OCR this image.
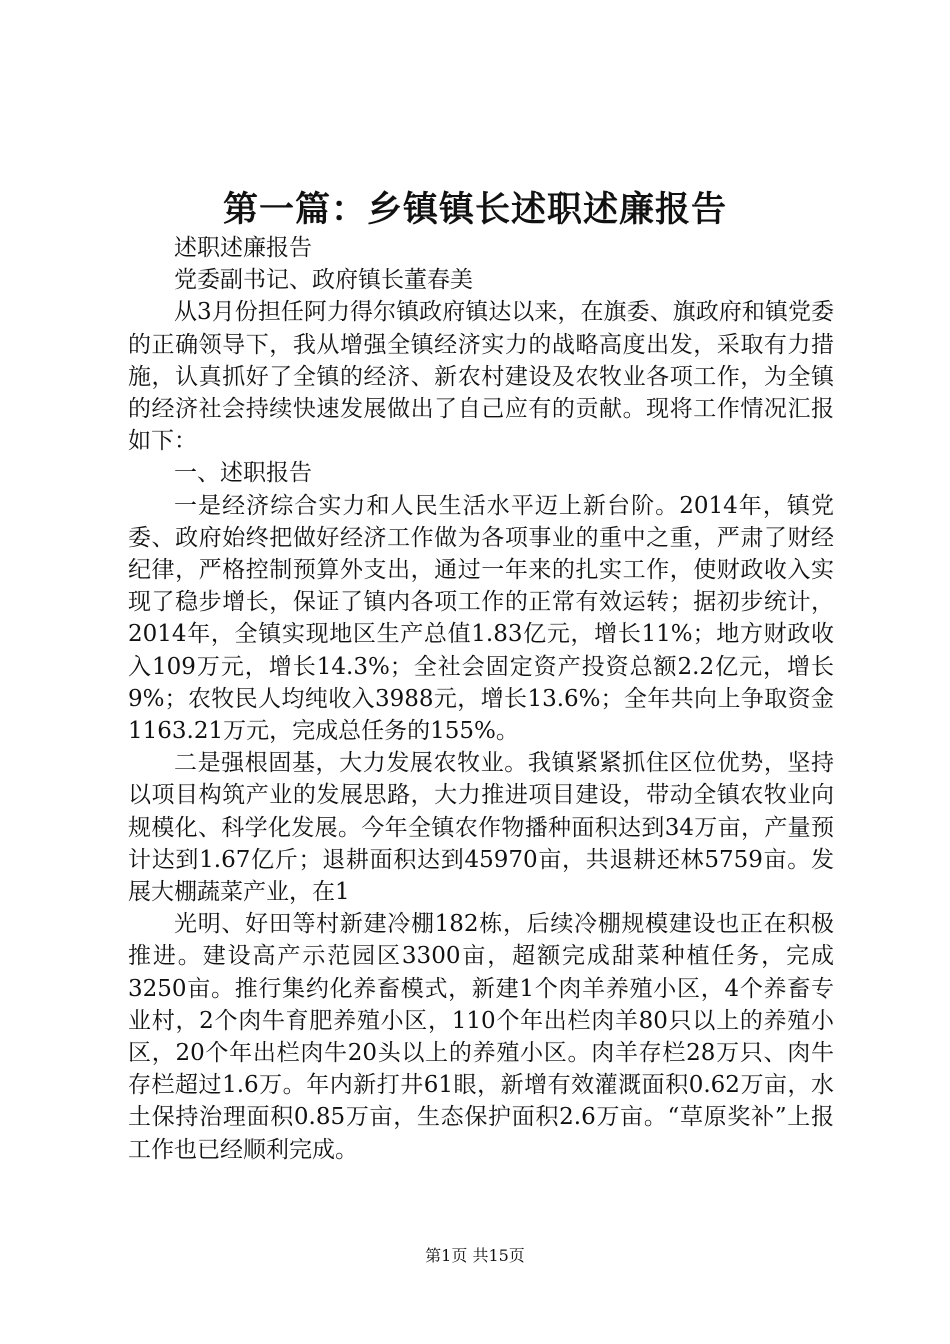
第一篇：乡镇镇长述职述廉报告

述职述廉报告

党委副书记、政府镇长董春美

从3月份担任阿力得尔镇政府镇达以来，在旗委、旗政府和镇党委的正确领导下，我从增强全镇经济实力的战略高度出发，采取有力措施，认真抓好了全镇的经济、新农村建设及农牧业各项工作，为全镇的经济社会持续快速发展做出了自己应有的贡献。现将工作情况汇报如下：

一、述职报告

一是经济综合实力和人民生活水平迈上新台阶。2014年，镇党委、政府始终把做好经济工作做为各项事业的重中之重，严肃了财经纪律，严格控制预算外支出，通过一年来的扎实工作，使财政收入实现了稳步增长，保证了镇内各项工作的正常有效运转；据初步统计，2014年，全镇实现地区生产总值1.83亿元，增长11%；地方财政收入109万元，增长14.3%；全社会固定资产投资总额2.2亿元，增长9%；农牧民人均纯收入3988元，增长13.6%；全年共向上争取资金1163.21万元，完成总任务的155%。

二是强根固基，大力发展农牧业。我镇紧紧抓住区位优势，坚持以项目构筑产业的发展思路，大力推进项目建设，带动全镇农牧业向规模化、科学化发展。今年全镇农作物播种面积达到34万亩，产量预计达到1.67亿斤；退耕面积达到45970亩，共退耕还林5759亩。发展大棚蔬菜产业，在1

光明、好田等村新建冷棚182栋，后续冷棚规模建设也正在积极推进。建设高产示范园区3300亩，超额完成甜菜种植任务，完成3250亩。推行集约化养畜模式，新建1个肉羊养殖小区，4个养畜专业村，2个肉牛育肥养殖小区，110个年出栏肉羊80只以上的养殖小区，20个年出栏肉牛20头以上的养殖小区。肉羊存栏28万只、肉牛存栏超过1.6万。年内新打井61眼，新增有效灌溉面积0.62万亩，水土保持治理面积0.85万亩，生态保护面积2.6万亩。“草原奖补”上报工作也已经顺利完成。

第1页 共15页
